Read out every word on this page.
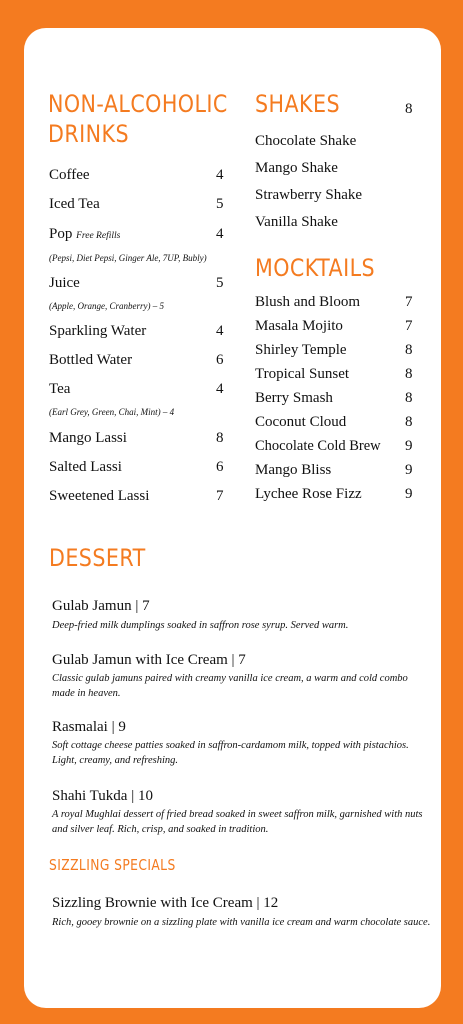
NON-ALCOHOLIC
DRINKS
Coffee	4
Iced Tea	5
Pop Free Refills	4
(Pepsi, Diet Pepsi, Ginger Ale, 7UP, Bubly)
Juice	5
(Apple, Orange, Cranberry) – 5
Sparkling Water	4
Bottled Water	6
Tea	4
(Earl Grey, Green, Chai, Mint) – 4
Mango Lassi	8
Salted Lassi	6
Sweetened Lassi	7
SHAKES	8
Chocolate Shake
Mango Shake
Strawberry Shake
Vanilla Shake
MOCKTAILS
Blush and Bloom	7
Masala Mojito	7
Shirley Temple	8
Tropical Sunset	8
Berry Smash	8
Coconut Cloud	8
Chocolate Cold Brew 9
Mango Bliss	9
Lychee Rose Fizz	9
DESSERT
Gulab Jamun | 7
Deep-fried milk dumplings soaked in saffron rose syrup. Served warm.
Gulab Jamun with Ice Cream | 7
Classic gulab jamuns paired with creamy vanilla ice cream, a warm and cold combo made in heaven.
Rasmalai | 9
Soft cottage cheese patties soaked in saffron-cardamom milk, topped with pistachios. Light, creamy, and refreshing.
Shahi Tukda | 10
A royal Mughlai dessert of fried bread soaked in sweet saffron milk, garnished with nuts and silver leaf. Rich, crisp, and soaked in tradition.
SIZZLING SPECIALS
Sizzling Brownie with Ice Cream | 12
Rich, gooey brownie on a sizzling plate with vanilla ice cream and warm chocolate sauce.
